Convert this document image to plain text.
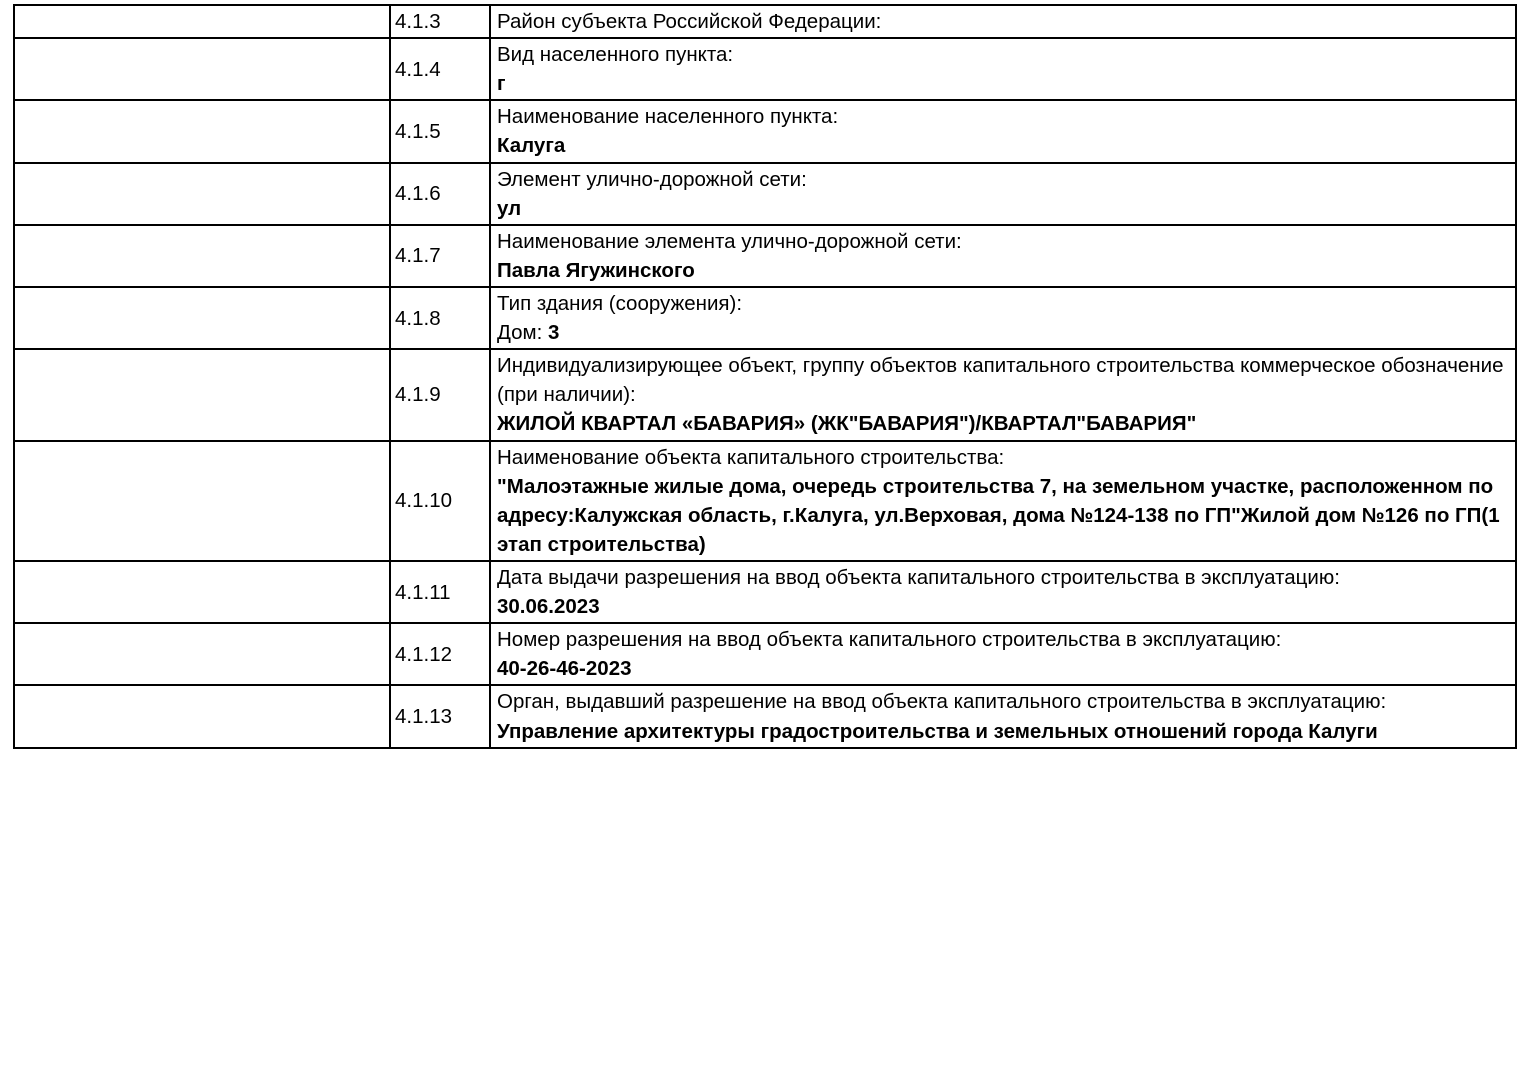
	4.1.3	Район субъекта Российской Федерации:

	4.1.4	Вид населенного пункта:
г

	4.1.5	Наименование населенного пункта:
Калуга

	4.1.6	Элемент улично-дорожной сети:
ул

	4.1.7	Наименование элемента улично-дорожной сети:
Павла Ягужинского

	4.1.8	Тип здания (сооружения):
Дом: 3

	4.1.9	Индивидуализирующее объект, группу объектов капитального строительства коммерческое обозначение (при наличии):
ЖИЛОЙ КВАРТАЛ «БАВАРИЯ» (ЖК"БАВАРИЯ")/КВАРТАЛ"БАВАРИЯ"

	4.1.10	Наименование объекта капитального строительства:
"Малоэтажные жилые дома, очередь строительства 7, на земельном участке, расположенном по адресу:Калужская область, г.Калуга, ул.Верховая, дома №124-138 по ГП"Жилой дом №126 по ГП(1 этап строительства)

	4.1.11	Дата выдачи разрешения на ввод объекта капитального строительства в эксплуатацию:
30.06.2023

	4.1.12	Номер разрешения на ввод объекта капитального строительства в эксплуатацию:
40-26-46-2023

	4.1.13	Орган, выдавший разрешение на ввод объекта капитального строительства в эксплуатацию:
Управление архитектуры градостроительства и земельных отношений города Калуги
